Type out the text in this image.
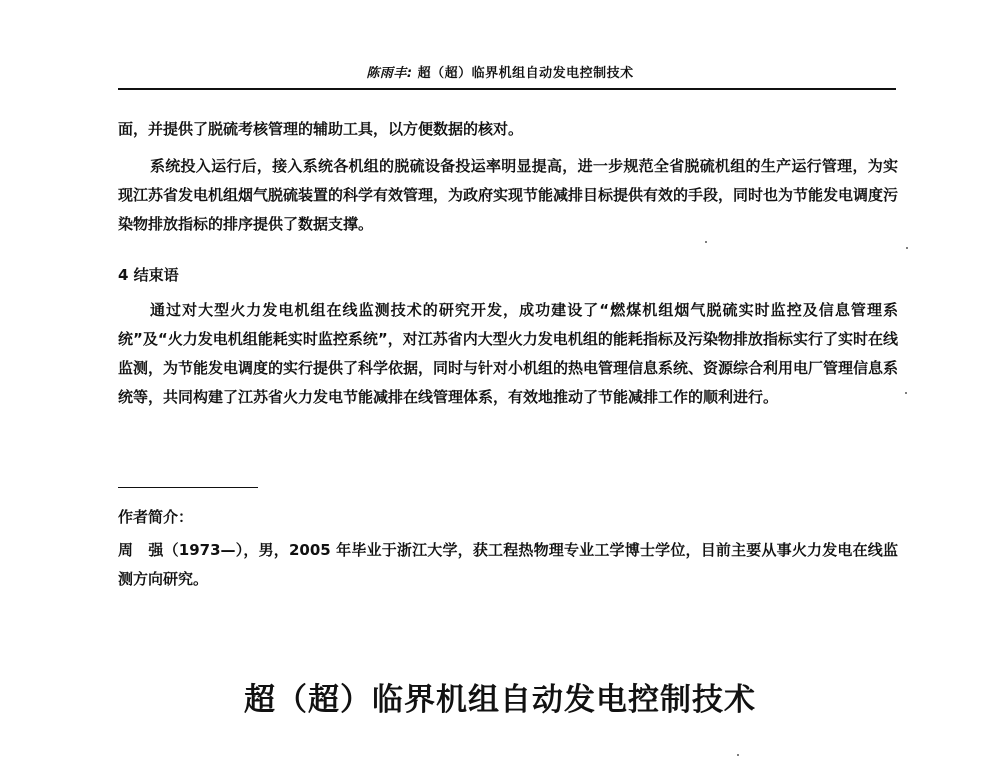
陈雨丰: 超（超）临界机组自动发电控制技术

面，并提供了脱硫考核管理的辅助工具，以方便数据的核对。

系统投入运行后，接入系统各机组的脱硫设备投运率明显提高，进一步规范全省脱硫机组的生产运行管理，为实现江苏省发电机组烟气脱硫装置的科学有效管理，为政府实现节能减排目标提供有效的手段，同时也为节能发电调度污染物排放指标的排序提供了数据支撑。

4 结束语

通过对大型火力发电机组在线监测技术的研究开发，成功建设了“燃煤机组烟气脱硫实时监控及信息管理系统”及“火力发电机组能耗实时监控系统”，对江苏省内大型火力发电机组的能耗指标及污染物排放指标实行了实时在线监测，为节能发电调度的实行提供了科学依据，同时与针对小机组的热电管理信息系统、资源综合利用电厂管理信息系统等，共同构建了江苏省火力发电节能减排在线管理体系，有效地推动了节能减排工作的顺利进行。

作者简介：

周　强（1973—），男，2005 年毕业于浙江大学，获工程热物理专业工学博士学位，目前主要从事火力发电在线监测方向研究。

超（超）临界机组自动发电控制技术
